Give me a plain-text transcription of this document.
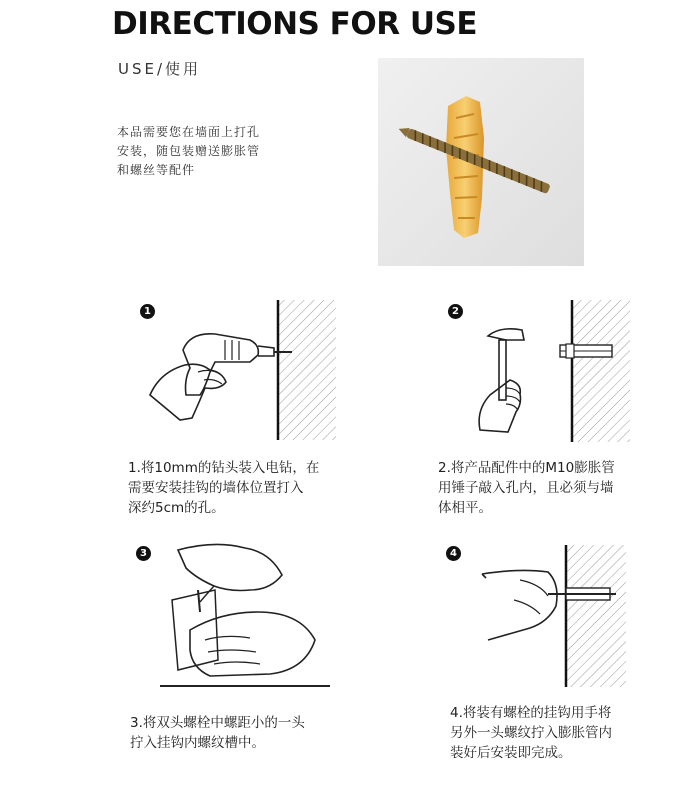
DIRECTIONS FOR USE
USE/使用
本品需要您在墙面上打孔
安装，随包装赠送膨胀管
和螺丝等配件
1
1.将10mm的钻头装入电钻，在
需要安装挂钩的墙体位置打入
深约5cm的孔。
2
2.将产品配件中的M10膨胀管
用锤子敲入孔内，且必须与墙
体相平。
3
3.将双头螺栓中螺距小的一头
拧入挂钩内螺纹槽中。
4
4.将装有螺栓的挂钩用手将
另外一头螺纹拧入膨胀管内
装好后安装即完成。
